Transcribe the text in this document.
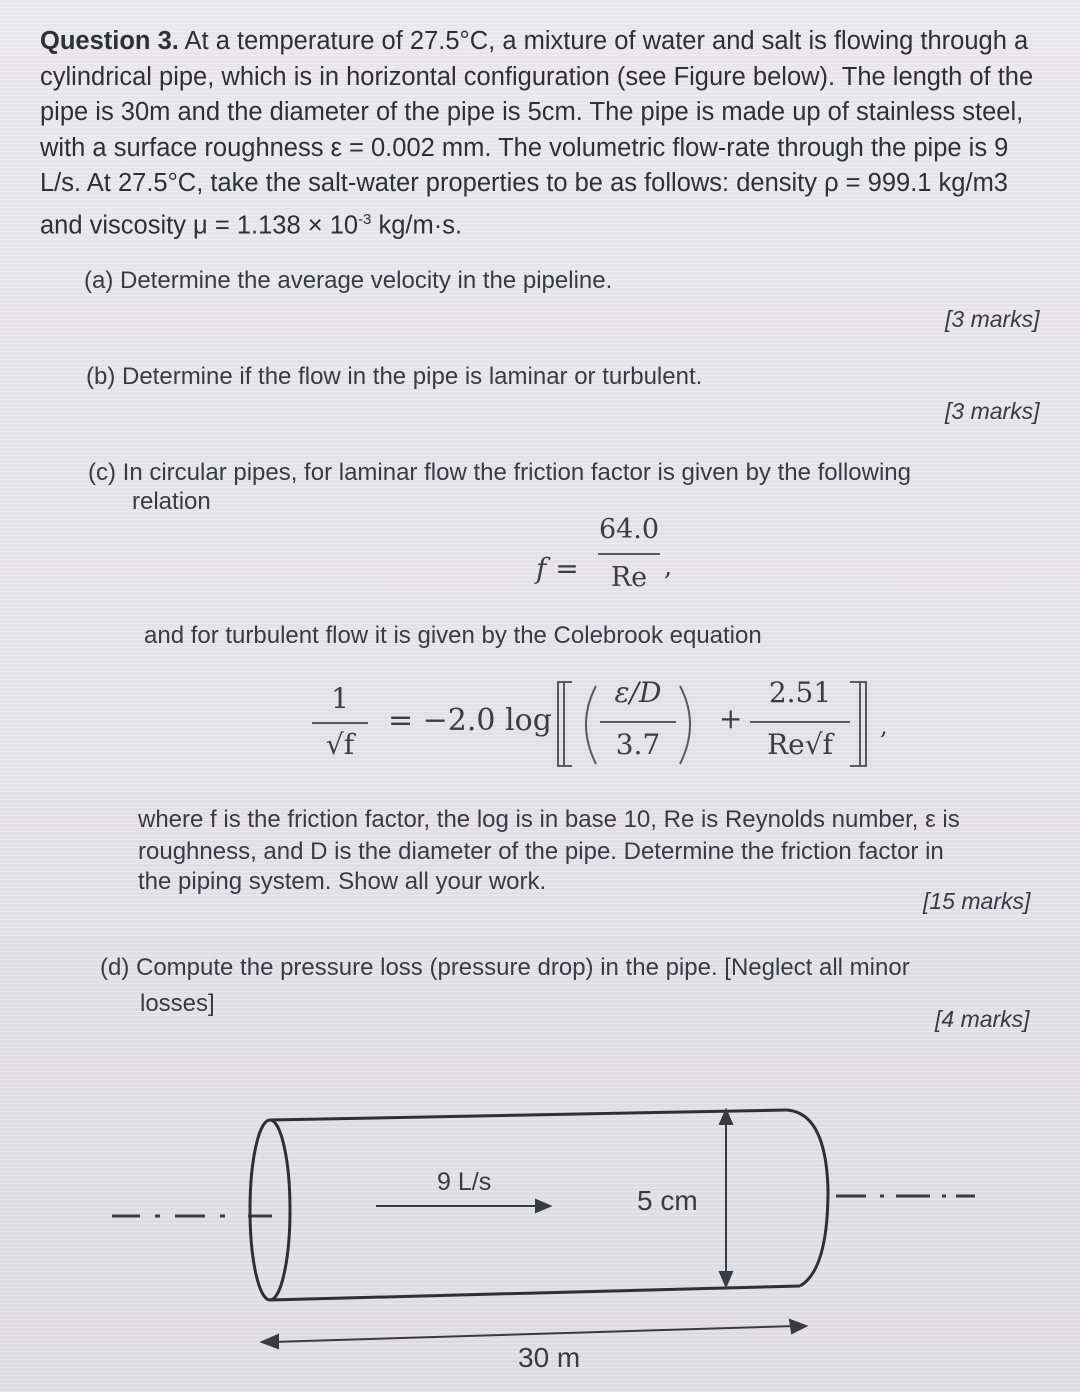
Question 3. At a temperature of 27.5°C, a mixture of water and salt is flowing through a cylindrical pipe, which is in horizontal configuration (see Figure below). The length of the pipe is 30m and the diameter of the pipe is 5cm. The pipe is made up of stainless steel, with a surface roughness ε = 0.002 mm. The volumetric flow-rate through the pipe is 9 L/s. At 27.5°C, take the salt-water properties to be as follows: density ρ = 999.1 kg/m3 and viscosity $\mu = 1.138 \times 10^{-3}$ kg/m·s.
(a) Determine the average velocity in the pipeline.
[3 marks]
(b) Determine if the flow in the pipe is laminar or turbulent.
[3 marks]
(c) In circular pipes, for laminar flow the friction factor is given by the following
relation
f =
64.0
Re ,
and for turbulent flow it is given by the Colebrook equation
1
√f
= −2.0 log
ε/D
3.7
+
2.51
Re√f
,
where f is the friction factor, the log is in base 10, Re is Reynolds number, ε is
roughness, and D is the diameter of the pipe. Determine the friction factor in
the piping system. Show all your work.
[15 marks]
(d) Compute the pressure loss (pressure drop) in the pipe. [Neglect all minor
losses]
[4 marks]
9 L/s
5 cm
30 m
